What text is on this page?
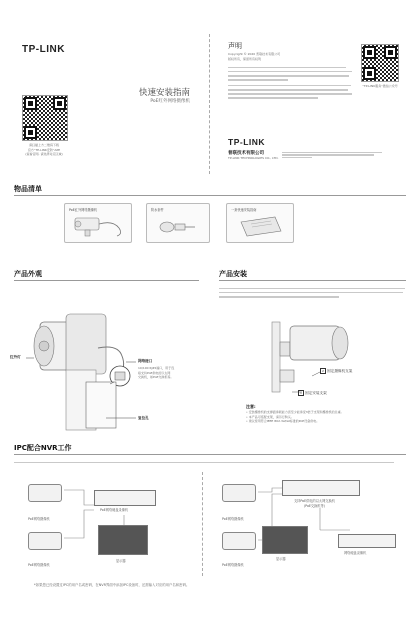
TP-LINK
请扫描上方二维码下载
官方“TP-LINK安防”APP
(查看官网, 请选择对应区域)
快速安装指南
PoE红外网络摄像机
声明
Copyright © 2020 普联技术有限公司
版权所有，保留所有权利
“TP-LINK服务”微信公众号
TP-LINK
普联技术有限公司
TP-LINK TECHNOLOGIES CO., LTD.
物品清单
PoE红外网络摄像机	防水套件	一套快速安装指南
产品外观
红外灯
网络接口
10/100 RJ45端口，用于连
接支持PoE供电的以太网
交换机，如PoE交换机等。
复位孔
产品安装
2 固定摄像机支架
1 固定安装支架
注意:
• 安装摄像机的支撑面承载能力需至少能承受3倍于支架和摄像机的总重。
• 本产品可搭配支架，请另行购买。
• 建议使用符合IEEE 802.3af/at标准的PoE设备供电。
IPC配合NVR工作
PoE网络摄像机
PoE网络摄像机
PoE网络硬盘录像机
显示器
PoE网络摄像机
PoE网络摄像机
支持PoE供电的以太网交换机
(PoE交换机等)
网络硬盘录像机
显示器
*如果您已经设置过IPC的用户名或密码，在NVR界面中添加IPC设备时，还需输入对应的用户名和密码。
